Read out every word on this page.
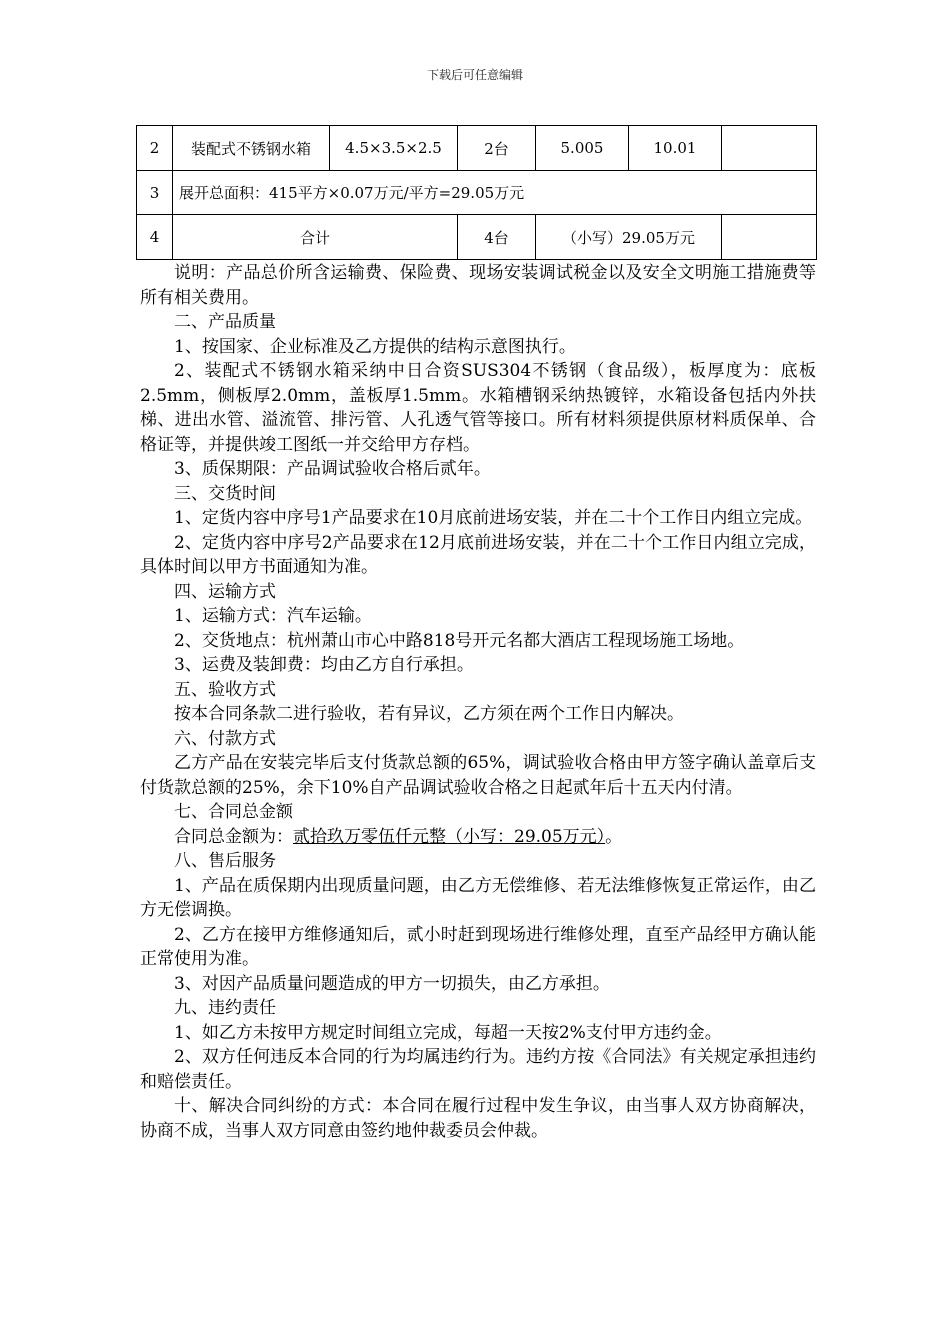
下载后可任意编辑
2	装配式不锈钢水箱	4.5×3.5×2.5	2台	5.005	10.01	
3	展开总面积：415平方×0.07万元/平方=29.05万元					
4	合计		4台	（小写）29.05万元		

说明：产品总价所含运输费、保险费、现场安装调试税金以及安全文明施工措施费等所有相关费用。

二、产品质量

1、按国家、企业标准及乙方提供的结构示意图执行。

2、装配式不锈钢水箱采纳中日合资SUS304不锈钢（食品级），板厚度为：底板2.5mm，侧板厚2.0mm，盖板厚1.5mm。水箱槽钢采纳热镀锌，水箱设备包括内外扶梯、进出水管、溢流管、排污管、人孔透气管等接口。所有材料须提供原材料质保单、合格证等，并提供竣工图纸一并交给甲方存档。

3、质保期限：产品调试验收合格后贰年。

三、交货时间

1、定货内容中序号1产品要求在10月底前进场安装，并在二十个工作日内组立完成。

2、定货内容中序号2产品要求在12月底前进场安装，并在二十个工作日内组立完成，具体时间以甲方书面通知为准。

四、运输方式

1、运输方式：汽车运输。

2、交货地点：杭州萧山市心中路818号开元名都大酒店工程现场施工场地。

3、运费及装卸费：均由乙方自行承担。

五、验收方式

按本合同条款二进行验收，若有异议，乙方须在两个工作日内解决。

六、付款方式

乙方产品在安装完毕后支付货款总额的65%，调试验收合格由甲方签字确认盖章后支付货款总额的25%，余下10%自产品调试验收合格之日起贰年后十五天内付清。

七、合同总金额

合同总金额为：贰拾玖万零伍仟元整（小写：29.05万元）。

八、售后服务

1、产品在质保期内出现质量问题，由乙方无偿维修、若无法维修恢复正常运作，由乙方无偿调换。

2、乙方在接甲方维修通知后，贰小时赶到现场进行维修处理，直至产品经甲方确认能正常使用为准。

3、对因产品质量问题造成的甲方一切损失，由乙方承担。

九、违约责任

1、如乙方未按甲方规定时间组立完成，每超一天按2%支付甲方违约金。

2、双方任何违反本合同的行为均属违约行为。违约方按《合同法》有关规定承担违约和赔偿责任。

十、解决合同纠纷的方式：本合同在履行过程中发生争议，由当事人双方协商解决，协商不成，当事人双方同意由签约地仲裁委员会仲裁。
